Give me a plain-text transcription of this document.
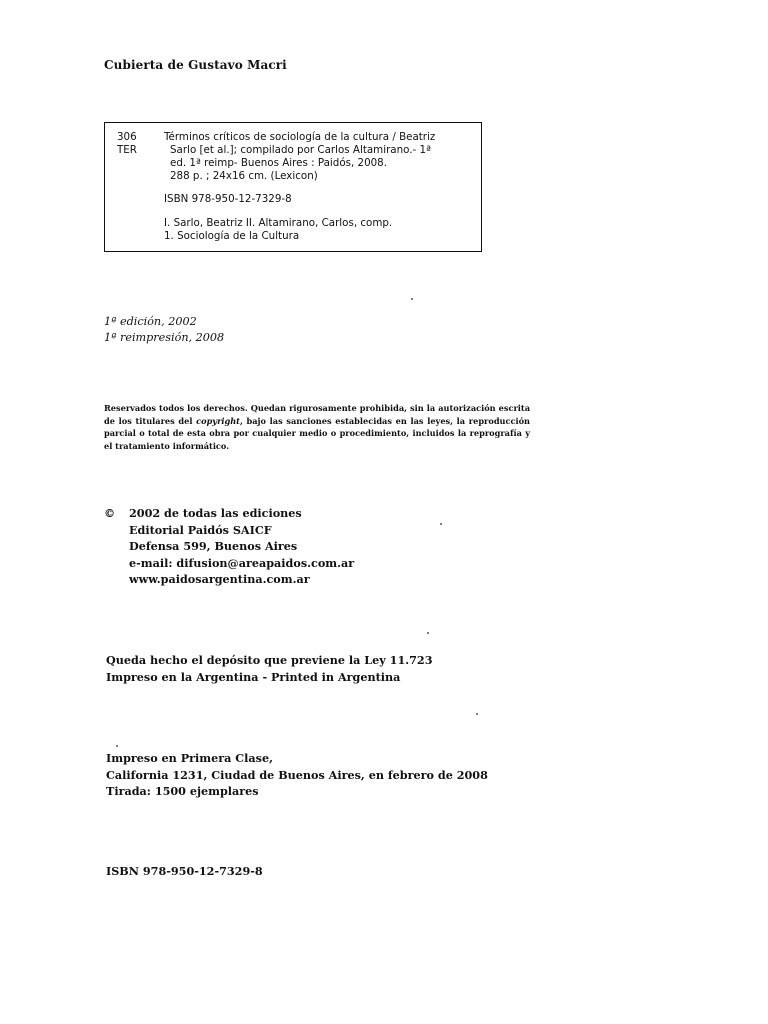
Cubierta de Gustavo Macri
306
TER
Términos críticos de sociología de la cultura / Beatriz
Sarlo [et al.]; compilado por Carlos Altamirano.- 1ª
ed. 1ª reimp- Buenos Aires : Paidós, 2008.
288 p. ; 24x16 cm. (Lexicon)
ISBN 978-950-12-7329-8
I. Sarlo, Beatriz II. Altamirano, Carlos, comp.
1. Sociología de la Cultura
1ª edición, 2002
1ª reimpresión, 2008
Reservados todos los derechos. Quedan rigurosamente prohibida, sin la autorización escrita de los titulares del copyright, bajo las sanciones establecidas en las leyes, la reproducción parcial o total de esta obra por cualquier medio o procedimiento, incluidos la reprografía y el tratamiento informático.
©	2002 de todas las ediciones
Editorial Paidós SAICF
Defensa 599, Buenos Aires
e-mail: difusion@areapaidos.com.ar
www.paidosargentina.com.ar
Queda hecho el depósito que previene la Ley 11.723
Impreso en la Argentina - Printed in Argentina
Impreso en Primera Clase,
California 1231, Ciudad de Buenos Aires, en febrero de 2008
Tirada: 1500 ejemplares
ISBN 978-950-12-7329-8
